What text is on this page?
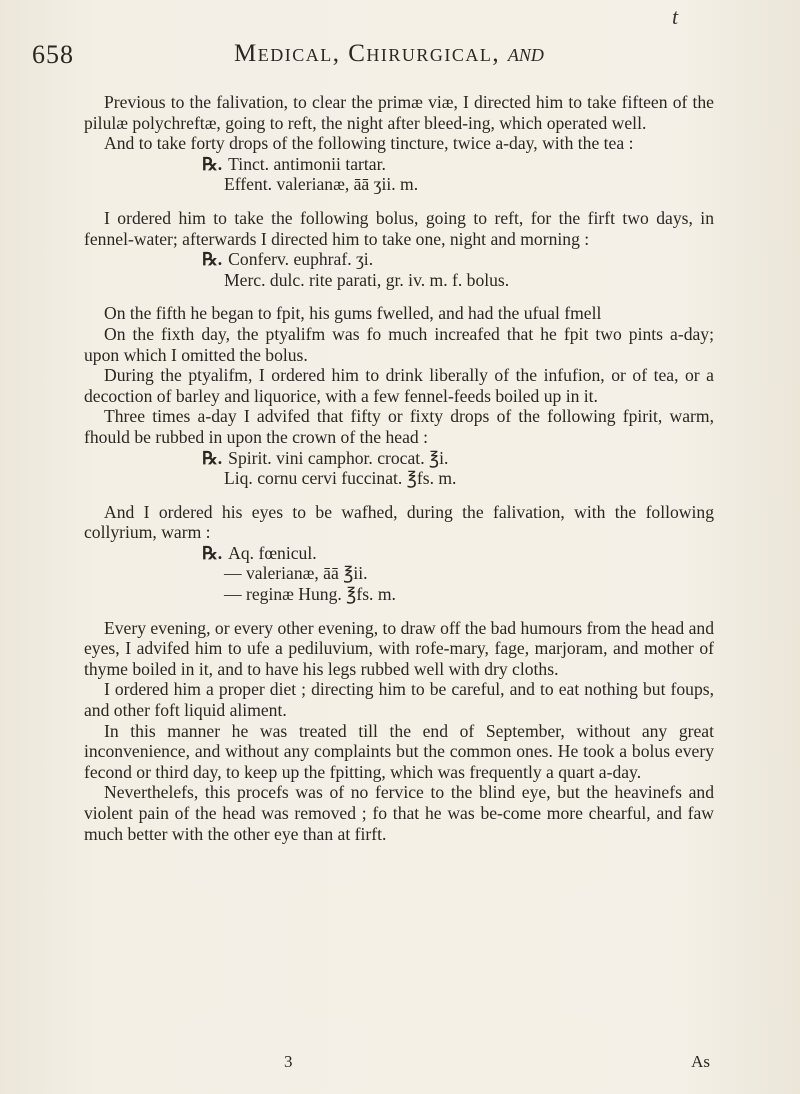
t
658	Medical, Chirurgical, and

Previous to the falivation, to clear the primæ viæ, I directed him to take fifteen of the pilulæ polychreftæ, going to reft, the night after bleed-ing, which operated well.

And to take forty drops of the following tincture, twice a-day, with the tea :

℞. Tinct. antimonii tartar.

Effent. valerianæ, āā ʒii. m.

I ordered him to take the following bolus, going to reft, for the firft two days, in fennel-water; afterwards I directed him to take one, night and morning :

℞. Conferv. euphraf. ʒi.

Merc. dulc. rite parati, gr. iv. m. f. bolus.

On the fifth he began to fpit, his gums fwelled, and had the ufual fmell

On the fixth day, the ptyalifm was fo much increafed that he fpit two pints a-day; upon which I omitted the bolus.

During the ptyalifm, I ordered him to drink liberally of the infufion, or of tea, or a decoction of barley and liquorice, with a few fennel-feeds boiled up in it.

Three times a-day I advifed that fifty or fixty drops of the following fpirit, warm, fhould be rubbed in upon the crown of the head :

℞. Spirit. vini camphor. crocat. ℥i.

Liq. cornu cervi fuccinat. ℥fs. m.

And I ordered his eyes to be wafhed, during the falivation, with the following collyrium, warm :

℞. Aq. fœnicul.

— valerianæ, āā ℥ii.

— reginæ Hung. ℥fs. m.

Every evening, or every other evening, to draw off the bad humours from the head and eyes, I advifed him to ufe a pediluvium, with rofe-mary, fage, marjoram, and mother of thyme boiled in it, and to have his legs rubbed well with dry cloths.

I ordered him a proper diet ; directing him to be careful, and to eat nothing but foups, and other foft liquid aliment.

In this manner he was treated till the end of September, without any great inconvenience, and without any complaints but the common ones. He took a bolus every fecond or third day, to keep up the fpitting, which was frequently a quart a-day.

Neverthelefs, this procefs was of no fervice to the blind eye, but the heavinefs and violent pain of the head was removed ; fo that he was be-come more chearful, and faw much better with the other eye than at firft.

3	As
